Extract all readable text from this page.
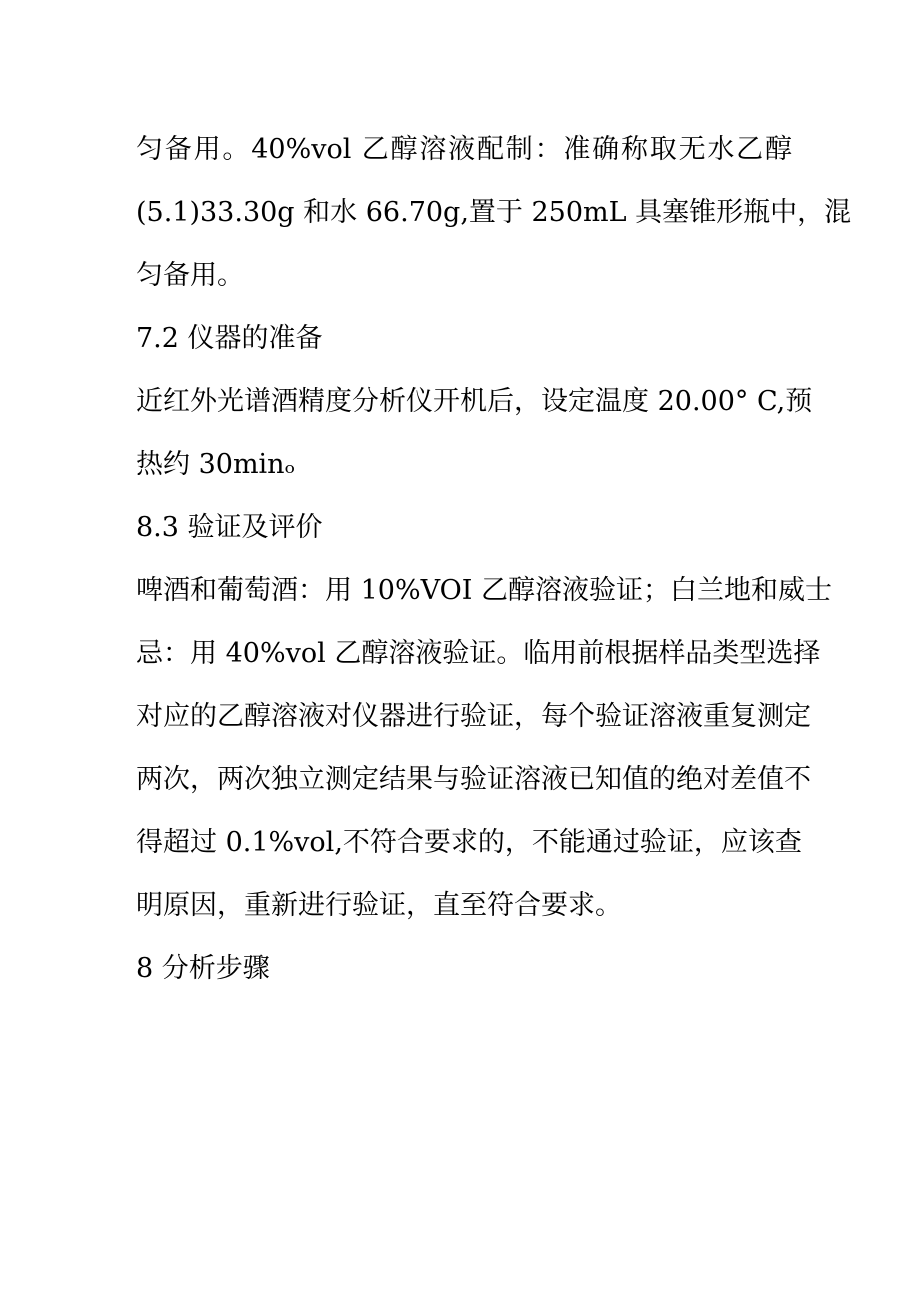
匀备用。40%vol 乙醇溶液配制：准确称取无水乙醇
(5.1)33.30g 和水 66.70g,置于 250mL 具塞锥形瓶中，混
匀备用。
7.2 仪器的准备
近红外光谱酒精度分析仪开机后，设定温度 20.00° C,预
热约 30minₒ
8.3 验证及评价
啤酒和葡萄酒：用 10%VOI 乙醇溶液验证；白兰地和威士
忌：用 40%vol 乙醇溶液验证。临用前根据样品类型选择
对应的乙醇溶液对仪器进行验证，每个验证溶液重复测定
两次，两次独立测定结果与验证溶液已知值的绝对差值不
得超过 0.1%vol,不符合要求的，不能通过验证，应该查
明原因，重新进行验证，直至符合要求。
8 分析步骤
